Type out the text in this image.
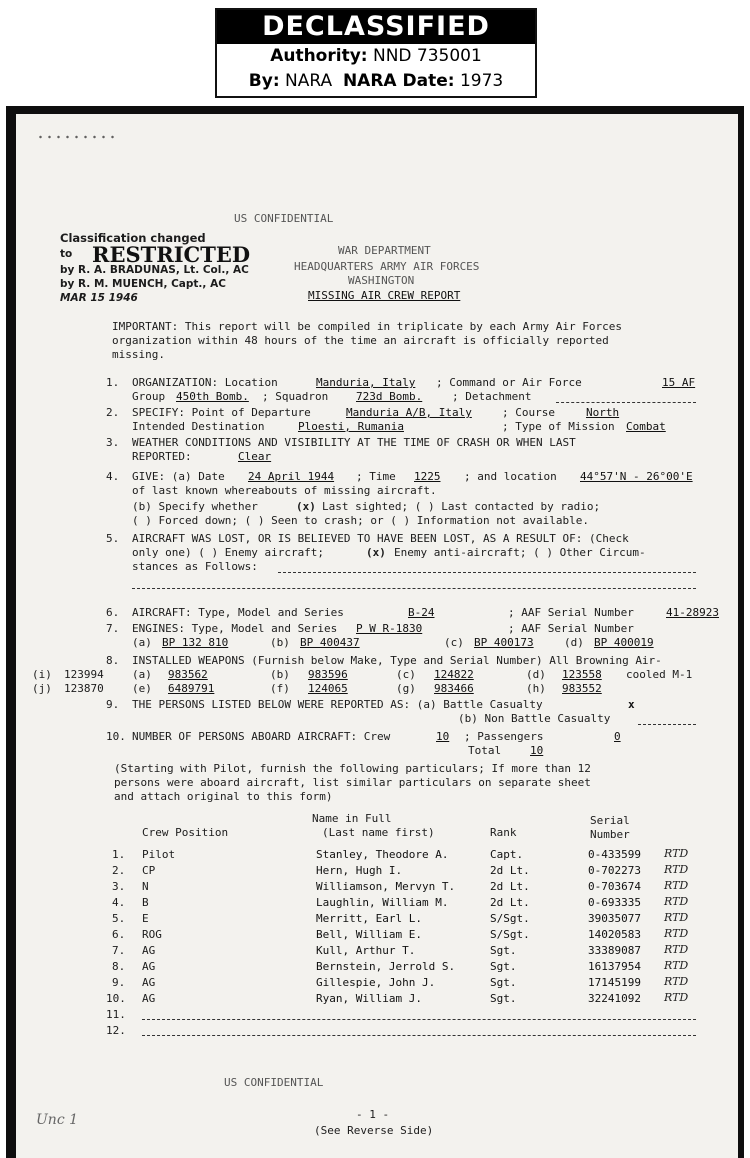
DECLASSIFIED
Authority: NND 735001
By: NARA NARA Date: 1973
US CONFIDENTIAL
WAR DEPARTMENT
HEADQUARTERS ARMY AIR FORCES
WASHINGTON
MISSING AIR CREW REPORT
Classification changed
to
by R. A. BRADUNAS, Lt. Col., AC
by R. M. MUENCH, Capt., AC
MAR 15 1946
RESTRICTED
IMPORTANT: This report will be compiled in triplicate by each Army Air Forces
organization within 48 hours of the time an aircraft is officially reported
missing.
1. ORGANIZATION: Location	Manduria, Italy ; Command or Air Force	15 AF
Group 450th Bomb. ; Squadron	723d Bomb.	; Detachment
2. SPECIFY: Point of Departure	Manduria A/B, Italy	; Course	North
Intended Destination	Ploesti, Rumania	; Type of Mission Combat
3. WEATHER CONDITIONS AND VISIBILITY AT THE TIME OF CRASH OR WHEN LAST
REPORTED:	Clear
4. GIVE: (a) Date 24 April 1944 ; Time 1225 ; and location 44°57'N - 26°00'E
of last known whereabouts of missing aircraft.
(b) Specify whether	(x) Last sighted; ( ) Last contacted by radio;
( ) Forced down; ( ) Seen to crash; or ( ) Information not available.
5. AIRCRAFT WAS LOST, OR IS BELIEVED TO HAVE BEEN LOST, AS A RESULT OF: (Check
only one) ( ) Enemy aircraft;	(x) Enemy anti-aircraft; ( ) Other Circum-
stances as Follows:
6. AIRCRAFT: Type, Model and Series	B-24	; AAF Serial Number	41-28923
7. ENGINES: Type, Model and Series P W R-1830	; AAF Serial Number
(a) BP 132 810	(b) BP 400437	(c) BP 400173	(d) BP 400019
8. INSTALLED WEAPONS (Furnish below Make, Type and Serial Number) All Browning Air-
(a) 983562	(b) 983596	(c) 124822	(d) 123558 cooled M-1
(e) 6489791	(f) 124065	(g) 983466	(h) 983552
(i) 123994
(j) 123870
9. THE PERSONS LISTED BELOW WERE REPORTED AS: (a) Battle Casualty	x
(b) Non Battle Casualty
10. NUMBER OF PERSONS ABOARD AIRCRAFT: Crew	10 ; Passengers	0
Total	10
(Starting with Pilot, furnish the following particulars; If more than 12
persons were aboard aircraft, list similar particulars on separate sheet
and attach original to this form)
Name in Full	Serial
Crew Position	(Last name first)	Rank	Number
1. Pilot	Stanley, Theodore A.	Capt.	0-433599 RTD
2. CP	Hern, Hugh I.	2d Lt.	0-702273 RTD
3. N	Williamson, Mervyn T.	2d Lt.	0-703674 RTD
4. B	Laughlin, William M.	2d Lt.	0-693335 RTD
5. E	Merritt, Earl L.	S/Sgt.	39035077 RTD
6. ROG	Bell, William E.	S/Sgt.	14020583 RTD
7. AG	Kull, Arthur T.	Sgt.	33389087 RTD
8. AG	Bernstein, Jerrold S.	Sgt.	16137954 RTD
9. AG	Gillespie, John J.	Sgt.	17145199 RTD
10. AG	Ryan, William J.	Sgt.	32241092 RTD
11.
12.
US CONFIDENTIAL
- 1 -
(See Reverse Side)
Unc 1
